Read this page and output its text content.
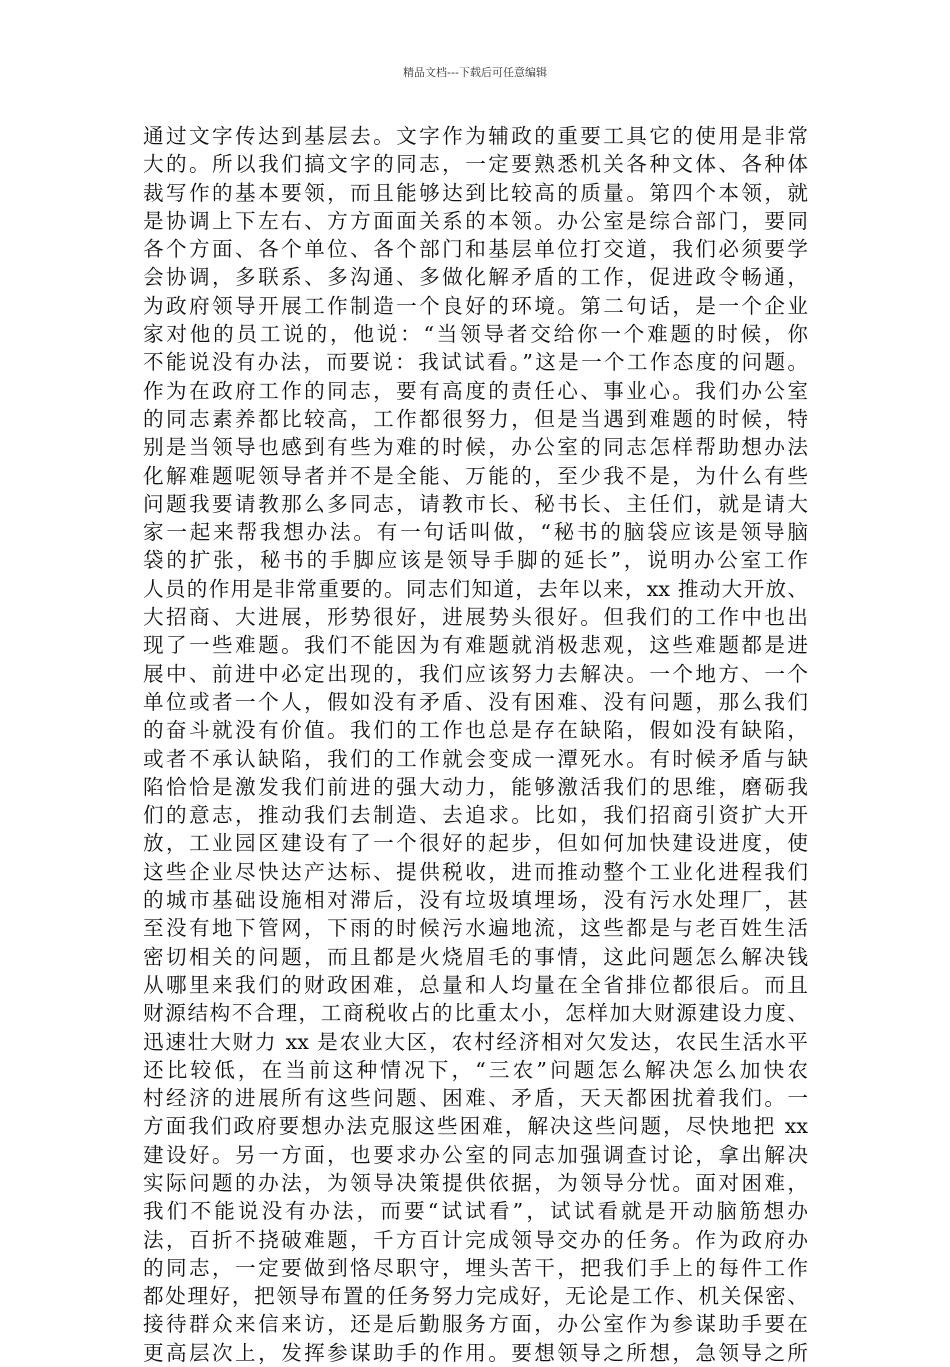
精品文档---下载后可任意编辑
通过文字传达到基层去。文字作为辅政的重要工具它的使用是非常
大的。所以我们搞文字的同志，一定要熟悉机关各种文体、各种体
裁写作的基本要领，而且能够达到比较高的质量。第四个本领，就
是协调上下左右、方方面面关系的本领。办公室是综合部门，要同
各个方面、各个单位、各个部门和基层单位打交道，我们必须要学
会协调，多联系、多沟通、多做化解矛盾的工作，促进政令畅通，
为政府领导开展工作制造一个良好的环境。第二句话，是一个企业
家对他的员工说的，他说：“当领导者交给你一个难题的时候，你
不能说没有办法，而要说：我试试看。”这是一个工作态度的问题。
作为在政府工作的同志，要有高度的责任心、事业心。我们办公室
的同志素养都比较高，工作都很努力，但是当遇到难题的时候，特
别是当领导也感到有些为难的时候，办公室的同志怎样帮助想办法
化解难题呢领导者并不是全能、万能的，至少我不是，为什么有些
问题我要请教那么多同志，请教市长、秘书长、主任们，就是请大
家一起来帮我想办法。有一句话叫做，“秘书的脑袋应该是领导脑
袋的扩张，秘书的手脚应该是领导手脚的延长”，说明办公室工作
人员的作用是非常重要的。同志们知道，去年以来，xx 推动大开放、
大招商、大进展，形势很好，进展势头很好。但我们的工作中也出
现了一些难题。我们不能因为有难题就消极悲观，这些难题都是进
展中、前进中必定出现的，我们应该努力去解决。一个地方、一个
单位或者一个人，假如没有矛盾、没有困难、没有问题，那么我们
的奋斗就没有价值。我们的工作也总是存在缺陷，假如没有缺陷，
或者不承认缺陷，我们的工作就会变成一潭死水。有时候矛盾与缺
陷恰恰是激发我们前进的强大动力，能够激活我们的思维，磨砺我
们的意志，推动我们去制造、去追求。比如，我们招商引资扩大开
放，工业园区建设有了一个很好的起步，但如何加快建设进度，使
这些企业尽快达产达标、提供税收，进而推动整个工业化进程我们
的城市基础设施相对滞后，没有垃圾填埋场，没有污水处理厂，甚
至没有地下管网，下雨的时候污水遍地流，这些都是与老百姓生活
密切相关的问题，而且都是火烧眉毛的事情，这此问题怎么解决钱
从哪里来我们的财政困难，总量和人均量在全省排位都很后。而且
财源结构不合理，工商税收占的比重太小，怎样加大财源建设力度、
迅速壮大财力 xx 是农业大区，农村经济相对欠发达，农民生活水平
还比较低，在当前这种情况下，“三农”问题怎么解决怎么加快农
村经济的进展所有这些问题、困难、矛盾，天天都困扰着我们。一
方面我们政府要想办法克服这些困难，解决这些问题，尽快地把 xx
建设好。另一方面，也要求办公室的同志加强调查讨论，拿出解决
实际问题的办法，为领导决策提供依据，为领导分忧。面对困难，
我们不能说没有办法，而要“试试看”，试试看就是开动脑筋想办
法，百折不挠破难题，千方百计完成领导交办的任务。作为政府办
的同志，一定要做到恪尽职守，埋头苦干，把我们手上的每件工作
都处理好，把领导布置的任务努力完成好，无论是工作、机关保密、
接待群众来信来访，还是后勤服务方面，办公室作为参谋助手要在
更高层次上，发挥参谋助手的作用。要想领导之所想，急领导之所
